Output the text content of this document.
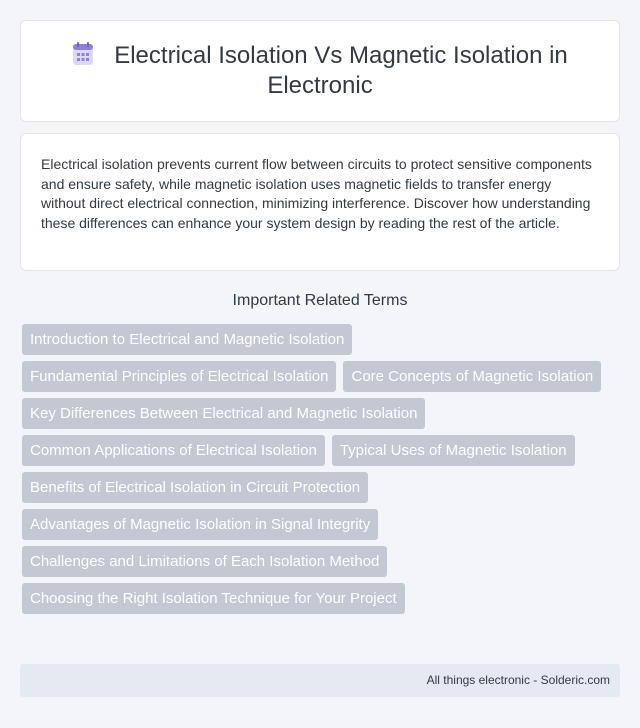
Electrical Isolation Vs Magnetic Isolation in Electronic

Electrical isolation prevents current flow between circuits to protect sensitive components and ensure safety, while magnetic isolation uses magnetic fields to transfer energy without direct electrical connection, minimizing interference. Discover how understanding these differences can enhance your system design by reading the rest of the article.

Important Related Terms
Introduction to Electrical and Magnetic Isolation
Fundamental Principles of Electrical Isolation	Core Concepts of Magnetic Isolation
Key Differences Between Electrical and Magnetic Isolation
Common Applications of Electrical Isolation	Typical Uses of Magnetic Isolation
Benefits of Electrical Isolation in Circuit Protection
Advantages of Magnetic Isolation in Signal Integrity
Challenges and Limitations of Each Isolation Method
Choosing the Right Isolation Technique for Your Project
All things electronic - Solderic.com
